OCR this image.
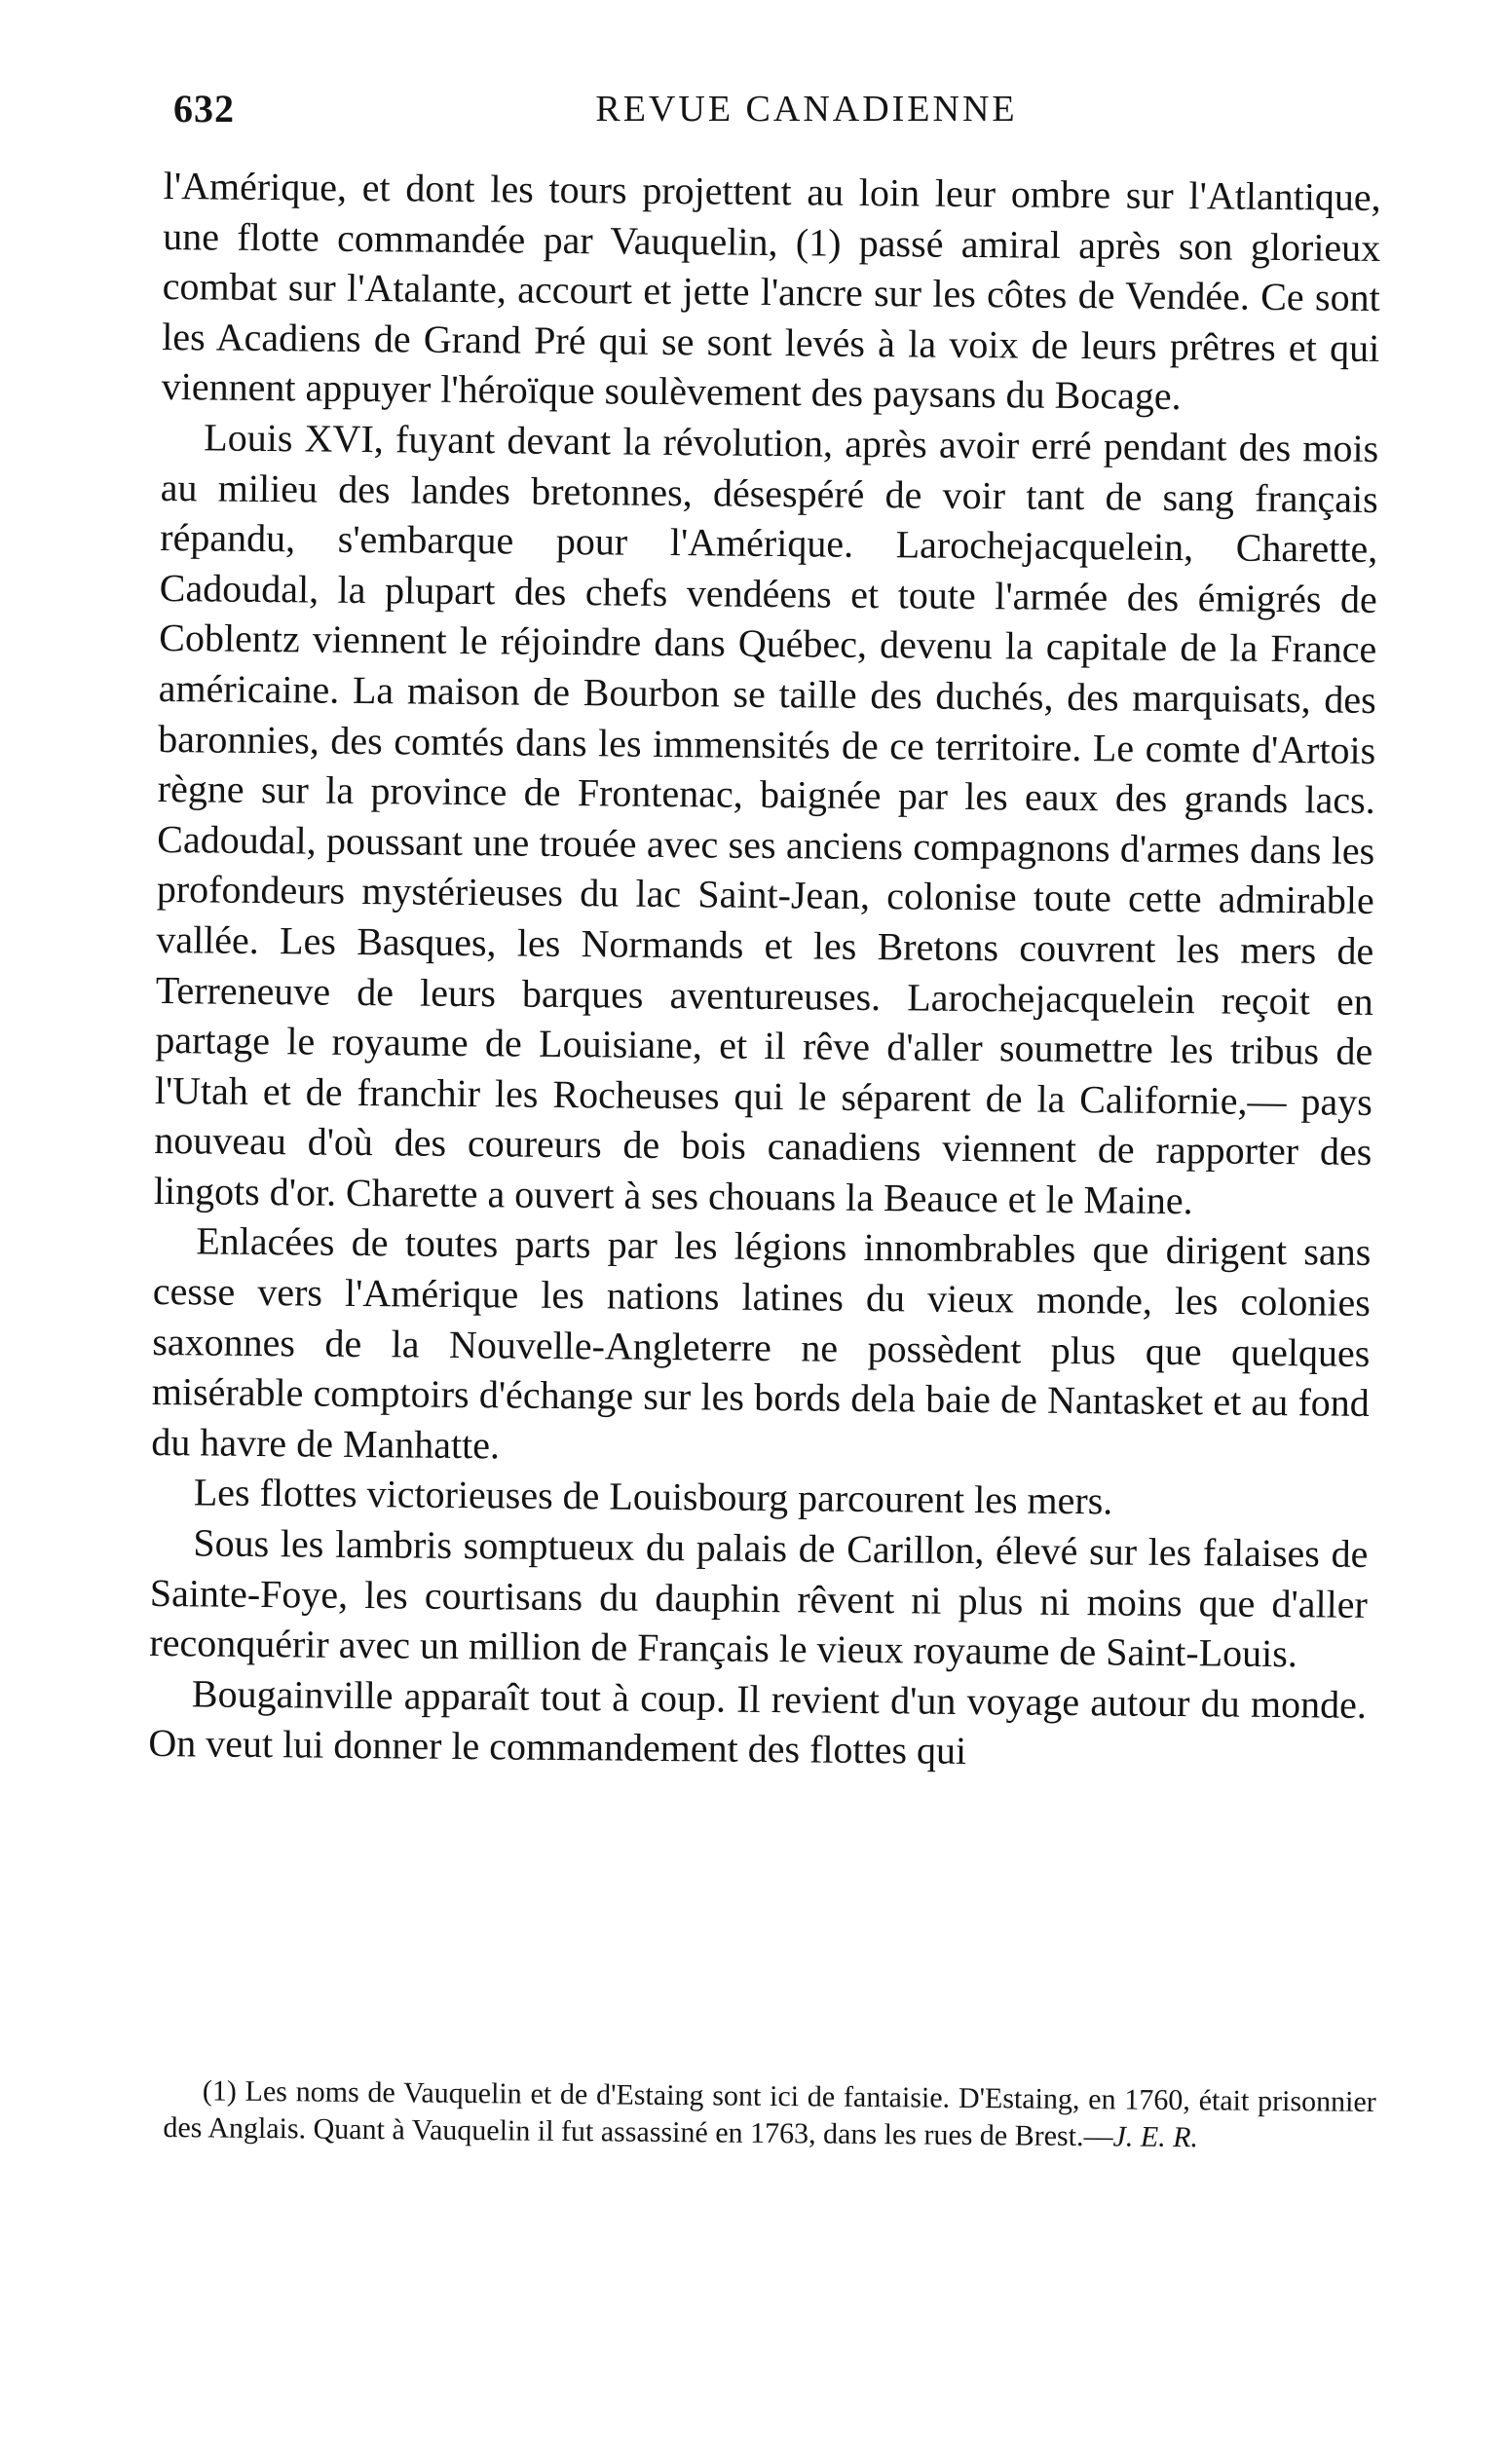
632	REVUE CANADIENNE

l'Amérique, et dont les tours projettent au loin leur ombre sur l'Atlantique, une flotte commandée par Vauquelin, (1) passé amiral après son glorieux combat sur l'Atalante, accourt et jette l'ancre sur les côtes de Vendée. Ce sont les Acadiens de Grand Pré qui se sont levés à la voix de leurs prêtres et qui viennent appuyer l'héroïque soulèvement des paysans du Bocage.

Louis XVI, fuyant devant la révolution, après avoir erré pendant des mois au milieu des landes bretonnes, désespéré de voir tant de sang français répandu, s'embarque pour l'Amérique. Larochejacquelein, Charette, Cadoudal, la plupart des chefs vendéens et toute l'armée des émigrés de Coblentz viennent le réjoindre dans Québec, devenu la capitale de la France américaine. La maison de Bourbon se taille des duchés, des marquisats, des baronnies, des comtés dans les immensités de ce territoire. Le comte d'Artois règne sur la province de Frontenac, baignée par les eaux des grands lacs. Cadoudal, poussant une trouée avec ses anciens compagnons d'armes dans les profondeurs mystérieuses du lac Saint-Jean, colonise toute cette admirable vallée. Les Basques, les Normands et les Bretons couvrent les mers de Terreneuve de leurs barques aventureuses. Larochejacquelein reçoit en partage le royaume de Louisiane, et il rêve d'aller soumettre les tribus de l'Utah et de franchir les Rocheuses qui le séparent de la Californie,— pays nouveau d'où des coureurs de bois canadiens viennent de rapporter des lingots d'or. Charette a ouvert à ses chouans la Beauce et le Maine.

Enlacées de toutes parts par les légions innombrables que dirigent sans cesse vers l'Amérique les nations latines du vieux monde, les colonies saxonnes de la Nouvelle-Angleterre ne possèdent plus que quelques misérable comptoirs d'échange sur les bords dela baie de Nantasket et au fond du havre de Manhatte.

Les flottes victorieuses de Louisbourg parcourent les mers.

Sous les lambris somptueux du palais de Carillon, élevé sur les falaises de Sainte-Foye, les courtisans du dauphin rêvent ni plus ni moins que d'aller reconquérir avec un million de Français le vieux royaume de Saint-Louis.

Bougainville apparaît tout à coup. Il revient d'un voyage autour du monde. On veut lui donner le commandement des flottes qui

(1) Les noms de Vauquelin et de d'Estaing sont ici de fantaisie. D'Estaing, en 1760, était prisonnier des Anglais. Quant à Vauquelin il fut assassiné en 1763, dans les rues de Brest.—J. E. R.
